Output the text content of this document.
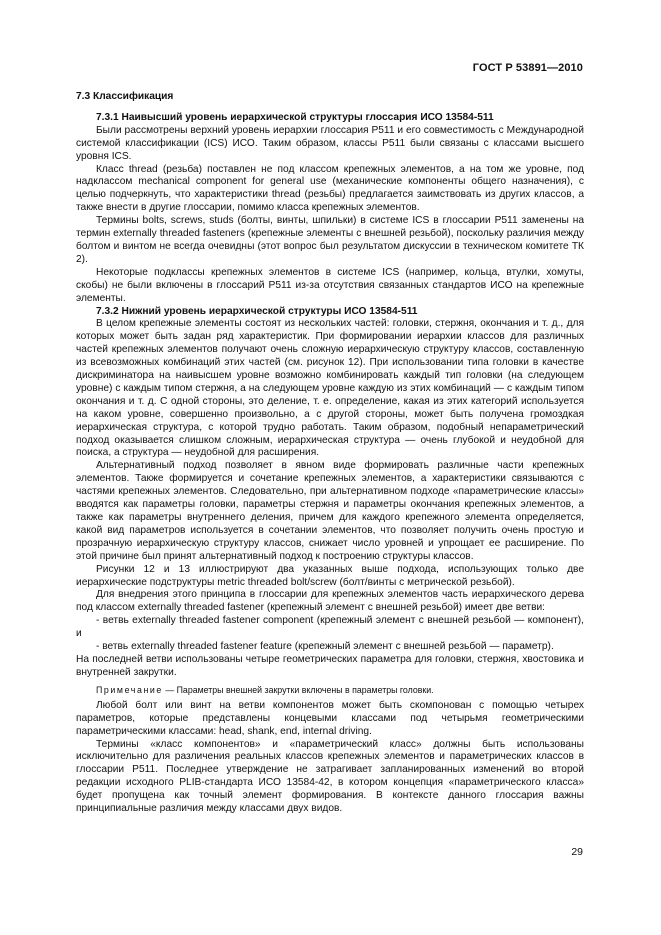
ГОСТ Р 53891—2010
7.3 Классификация
7.3.1 Наивысший уровень иерархической структуры глоссария ИСО 13584-511

Были рассмотрены верхний уровень иерархии глоссария P511 и его совместимость с Международной системой классификации (ICS) ИСО. Таким образом, классы P511 были связаны с классами высшего уровня ICS.

Класс thread (резьба) поставлен не под классом крепежных элементов, а на том же уровне, под надклассом mechanical component for general use (механические компоненты общего назначения), с целью подчеркнуть, что характеристики thread (резьбы) предлагается заимствовать из других классов, а также внести в другие глоссарии, помимо класса крепежных элементов.

Термины bolts, screws, studs (болты, винты, шпильки) в системе ICS в глоссарии P511 заменены на термин externally threaded fasteners (крепежные элементы с внешней резьбой), поскольку различия между болтом и винтом не всегда очевидны (этот вопрос был результатом дискуссии в техническом комитете ТК 2).

Некоторые подклассы крепежных элементов в системе ICS (например, кольца, втулки, хомуты, скобы) не были включены в глоссарий P511 из-за отсутствия связанных стандартов ИСО на крепежные элементы.

7.3.2 Нижний уровень иерархической структуры ИСО 13584-511

В целом крепежные элементы состоят из нескольких частей: головки, стержня, окончания и т. д., для которых может быть задан ряд характеристик. При формировании иерархии классов для различных частей крепежных элементов получают очень сложную иерархическую структуру классов, составленную из всевозможных комбинаций этих частей (см. рисунок 12). При использовании типа головки в качестве дискриминатора на наивысшем уровне возможно комбинировать каждый тип головки (на следующем уровне) с каждым типом стержня, а на следующем уровне каждую из этих комбинаций — с каждым типом окончания и т. д. С одной стороны, это деление, т. е. определение, какая из этих категорий используется на каком уровне, совершенно произвольно, а с другой стороны, может быть получена громоздкая иерархическая структура, с которой трудно работать. Таким образом, подобный непараметрический подход оказывается слишком сложным, иерархическая структура — очень глубокой и неудобной для поиска, а структура — неудобной для расширения.

Альтернативный подход позволяет в явном виде формировать различные части крепежных элементов. Также формируется и сочетание крепежных элементов, а характеристики связываются с частями крепежных элементов. Следовательно, при альтернативном подходе «параметрические классы» вводятся как параметры головки, параметры стержня и параметры окончания крепежных элементов, а также как параметры внутреннего деления, причем для каждого крепежного элемента определяется, какой вид параметров используется в сочетании элементов, что позволяет получить очень простую и прозрачную иерархическую структуру классов, снижает число уровней и упрощает ее расширение. По этой причине был принят альтернативный подход к построению структуры классов.

Рисунки 12 и 13 иллюстрируют два указанных выше подхода, использующих только две иерархические подструктуры metric threaded bolt/screw (болт/винты с метрической резьбой).

Для внедрения этого принципа в глоссарии для крепежных элементов часть иерархического дерева под классом externally threaded fastener (крепежный элемент с внешней резьбой) имеет две ветви:

- ветвь externally threaded fastener component (крепежный элемент с внешней резьбой — компонент), и
- ветвь externally threaded fastener feature (крепежный элемент с внешней резьбой — параметр).
На последней ветви использованы четыре геометрических параметра для головки, стержня, хвостовика и внутренней закрутки.
Примечание — Параметры внешней закрутки включены в параметры головки.

Любой болт или винт на ветви компонентов может быть скомпонован с помощью четырех параметров, которые представлены концевыми классами под четырьмя геометрическими параметрическими классами: head, shank, end, internal driving.

Термины «класс компонентов» и «параметрический класс» должны быть использованы исключительно для различения реальных классов крепежных элементов и параметрических классов в глоссарии P511. Последнее утверждение не затрагивает запланированных изменений во второй редакции исходного PLIB-стандарта ИСО 13584-42, в котором концепция «параметрического класса» будет пропущена как точный элемент формирования. В контексте данного глоссария важны принципиальные различия между классами двух видов.

29
